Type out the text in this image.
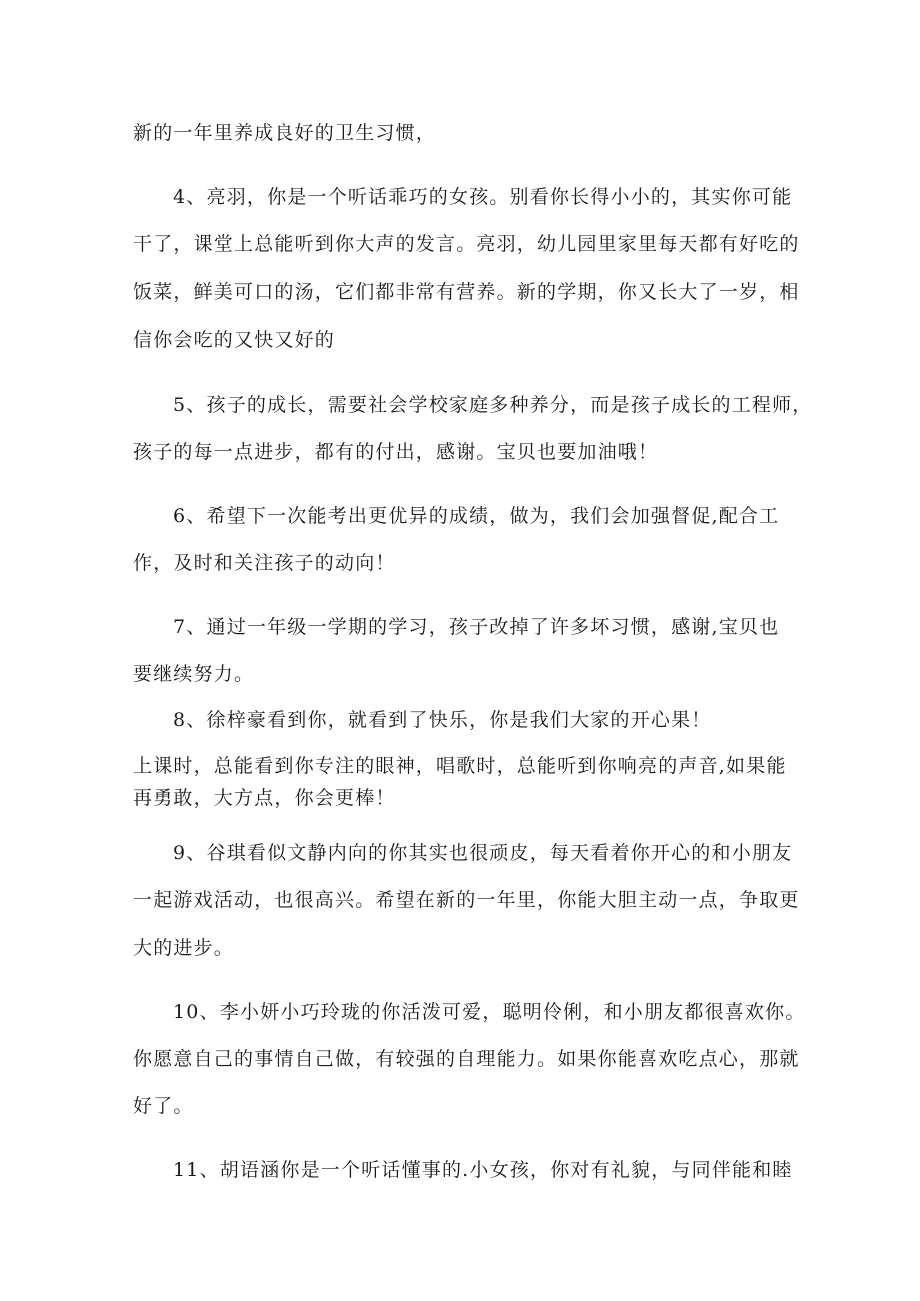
新的一年里养成良好的卫生习惯，
4、亮羽，你是一个听话乖巧的女孩。别看你长得小小的，其实你可能
干了，课堂上总能听到你大声的发言。亮羽，幼儿园里家里每天都有好吃的
饭菜，鲜美可口的汤，它们都非常有营养。新的学期，你又长大了一岁，相
信你会吃的又快又好的
5、孩子的成长，需要社会学校家庭多种养分，而是孩子成长的工程师，
孩子的每一点进步，都有的付出，感谢。宝贝也要加油哦！
6、希望下一次能考出更优异的成绩，做为，我们会加强督促,配合工
作，及时和关注孩子的动向！
7、通过一年级一学期的学习，孩子改掉了许多坏习惯，感谢,宝贝也
要继续努力。
8、徐梓豪看到你，就看到了快乐，你是我们大家的开心果！
上课时，总能看到你专注的眼神，唱歌时，总能听到你响亮的声音,如果能
再勇敢，大方点，你会更棒！
9、谷琪看似文静内向的你其实也很顽皮，每天看着你开心的和小朋友
一起游戏活动，也很高兴。希望在新的一年里，你能大胆主动一点，争取更
大的进步。
10、李小妍小巧玲珑的你活泼可爱，聪明伶俐，和小朋友都很喜欢你。
你愿意自己的事情自己做，有较强的自理能力。如果你能喜欢吃点心，那就
好了。
11、胡语涵你是一个听话懂事的.小女孩，你对有礼貌，与同伴能和睦
